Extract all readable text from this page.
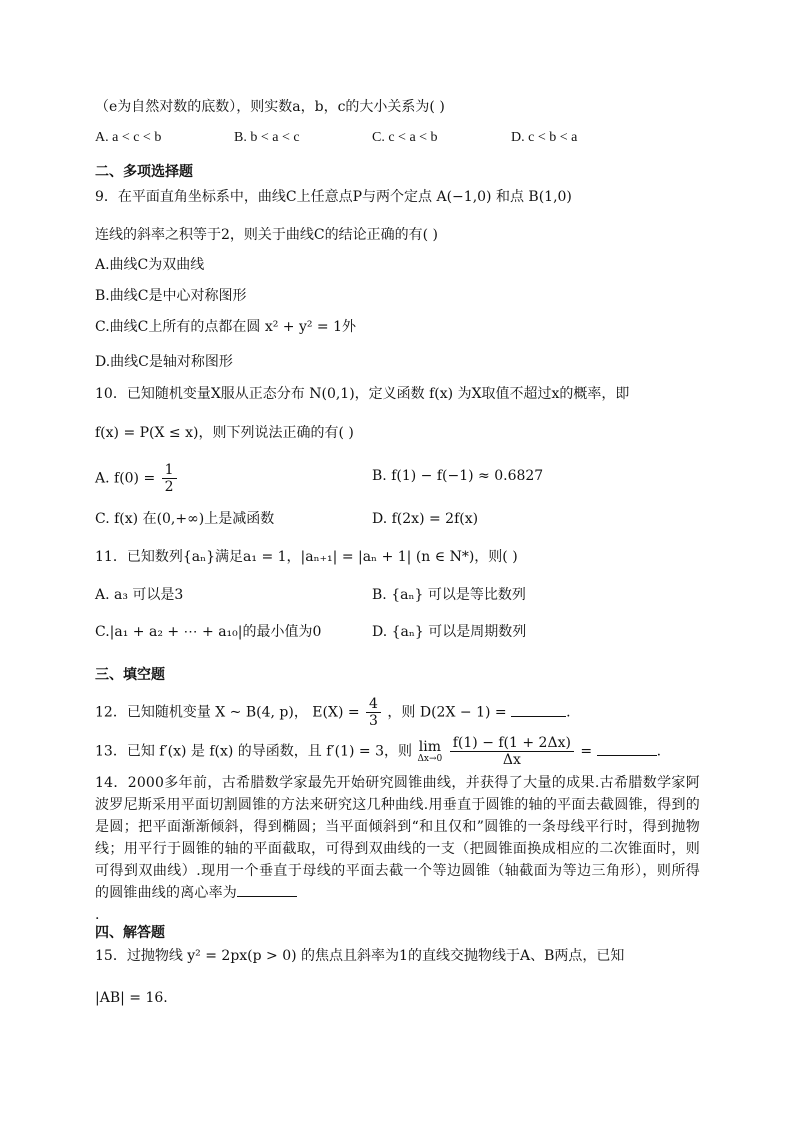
（e为自然对数的底数），则实数a，b，c的大小关系为( )
A. a < c < b	B. b < a < c	C. c < a < b	D. c < b < a
二、多项选择题
9．在平面直角坐标系中，曲线C上任意点P与两个定点 A(−1,0) 和点 B(1,0)
连线的斜率之积等于2，则关于曲线C的结论正确的有( )
A.曲线C为双曲线
B.曲线C是中心对称图形
C.曲线C上所有的点都在圆 x² + y² = 1外
D.曲线C是轴对称图形
10．已知随机变量X服从正态分布 N(0,1)，定义函数 f(x) 为X取值不超过x的概率，即
f(x) = P(X ≤ x)，则下列说法正确的有( )
A. $f(0) = \frac{1}{2}$	B. f(1) − f(−1) ≈ 0.6827
C. f(x) 在(0,+∞)上是减函数	D. f(2x) = 2f(x)
11．已知数列{aₙ}满足a₁ = 1，|aₙ₊₁| = |aₙ + 1| (n ∈ N*)，则( )
A. a₃ 可以是3	B. {aₙ} 可以是等比数列
C.|a₁ + a₂ + ⋯ + a₁₀|的最小值为0	D. {aₙ} 可以是周期数列
三、填空题
12．已知随机变量 X ~ B(4, p)， $E(X) = \frac{4}{3}$ ，则 D(2X − 1) =	.
13．已知 f′(x) 是 f(x) 的导函数，且 f′(1) = 3，则 lim
Δx→0
$\frac{f(1) - f(1 + 2\Delta x)}{\Delta x}$ =	.
14．2000多年前，古希腊数学家最先开始研究圆锥曲线，并获得了大量的成果.古希腊数学家阿波罗尼斯采用平面切割圆锥的方法来研究这几种曲线.用垂直于圆锥的轴的平面去截圆锥，得到的是圆；把平面渐渐倾斜，得到椭圆；当平面倾斜到“和且仅和”圆锥的一条母线平行时，得到抛物线；用平行于圆锥的轴的平面截取，可得到双曲线的一支（把圆锥面换成相应的二次锥面时，则可得到双曲线）.现用一个垂直于母线的平面去截一个等边圆锥（轴截面为等边三角形），则所得的圆锥曲线的离心率为
.
四、解答题
15．过抛物线 y² = 2px(p > 0) 的焦点且斜率为1的直线交抛物线于A、B两点，已知
|AB| = 16.
